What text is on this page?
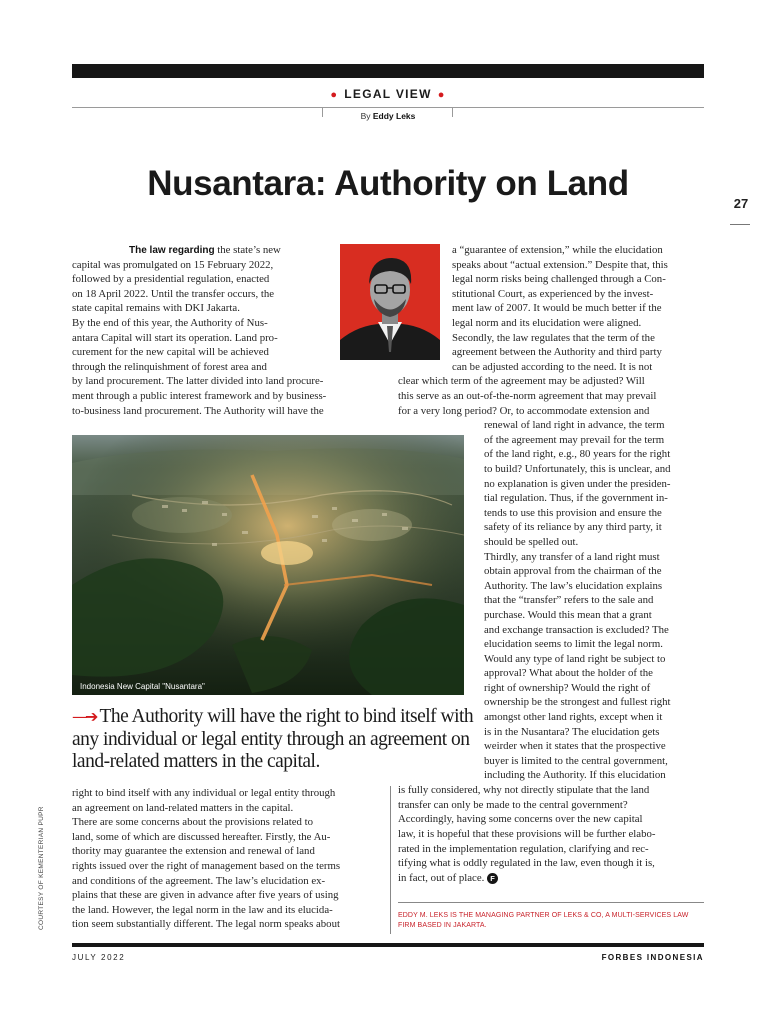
● LEGAL VIEW ●
By Eddy Leks
Nusantara: Authority on Land
27
The law regarding the state’s new
capital was promulgated on 15 February 2022,
followed by a presidential regulation, enacted
on 18 April 2022. Until the transfer occurs, the
state capital remains with DKI Jakarta.
By the end of this year, the Authority of Nus-
antara Capital will start its operation. Land pro-
curement for the new capital will be achieved
through the relinquishment of forest area and
by land procurement. The latter divided into land procure-
ment through a public interest framework and by business-
to-business land procurement. The Authority will have the
a “guarantee of extension,” while the elucidation
speaks about “actual extension.” Despite that, this
legal norm risks being challenged through a Con-
stitutional Court, as experienced by the invest-
ment law of 2007. It would be much better if the
legal norm and its elucidation were aligned.
Secondly, the law regulates that the term of the
agreement between the Authority and third party
can be adjusted according to the need. It is not
clear which term of the agreement may be adjusted? Will
this serve as an out-of-the-norm agreement that may prevail
for a very long period? Or, to accommodate extension and
renewal of land right in advance, the term
of the agreement may prevail for the term
of the land right, e.g., 80 years for the right
to build? Unfortunately, this is unclear, and
no explanation is given under the presiden-
tial regulation. Thus, if the government in-
tends to use this provision and ensure the
safety of its reliance by any third party, it
should be spelled out.
Thirdly, any transfer of a land right must
obtain approval from the chairman of the
Authority. The law’s elucidation explains
that the “transfer” refers to the sale and
purchase. Would this mean that a grant
and exchange transaction is excluded? The
elucidation seems to limit the legal norm.
Would any type of land right be subject to
approval? What about the holder of the
right of ownership? Would the right of
ownership be the strongest and fullest right
amongst other land rights, except when it
is in the Nusantara? The elucidation gets
weirder when it states that the prospective
buyer is limited to the central government,
including the Authority. If this elucidation
Indonesia New Capital "Nusantara"
—➔ The Authority will have the right to bind itself with
any individual or legal entity through an agreement on
land-related matters in the capital.
right to bind itself with any individual or legal entity through
an agreement on land-related matters in the capital.
There are some concerns about the provisions related to
land, some of which are discussed hereafter. Firstly, the Au-
thority may guarantee the extension and renewal of land
rights issued over the right of management based on the terms
and conditions of the agreement. The law’s elucidation ex-
plains that these are given in advance after five years of using
the land. However, the legal norm in the law and its elucida-
tion seem substantially different. The legal norm speaks about
is fully considered, why not directly stipulate that the land
transfer can only be made to the central government?
Accordingly, having some concerns over the new capital
law, it is hopeful that these provisions will be further elabo-
rated in the implementation regulation, clarifying and rec-
tifying what is oddly regulated in the law, even though it is,
in fact, out of place. F
EDDY M. LEKS IS THE MANAGING PARTNER OF LEKS & CO, A MULTI-SERVICES LAW FIRM BASED IN JAKARTA.
COURTESY OF KEMENTERIAN PUPR
JULY 2022	FORBES INDONESIA
